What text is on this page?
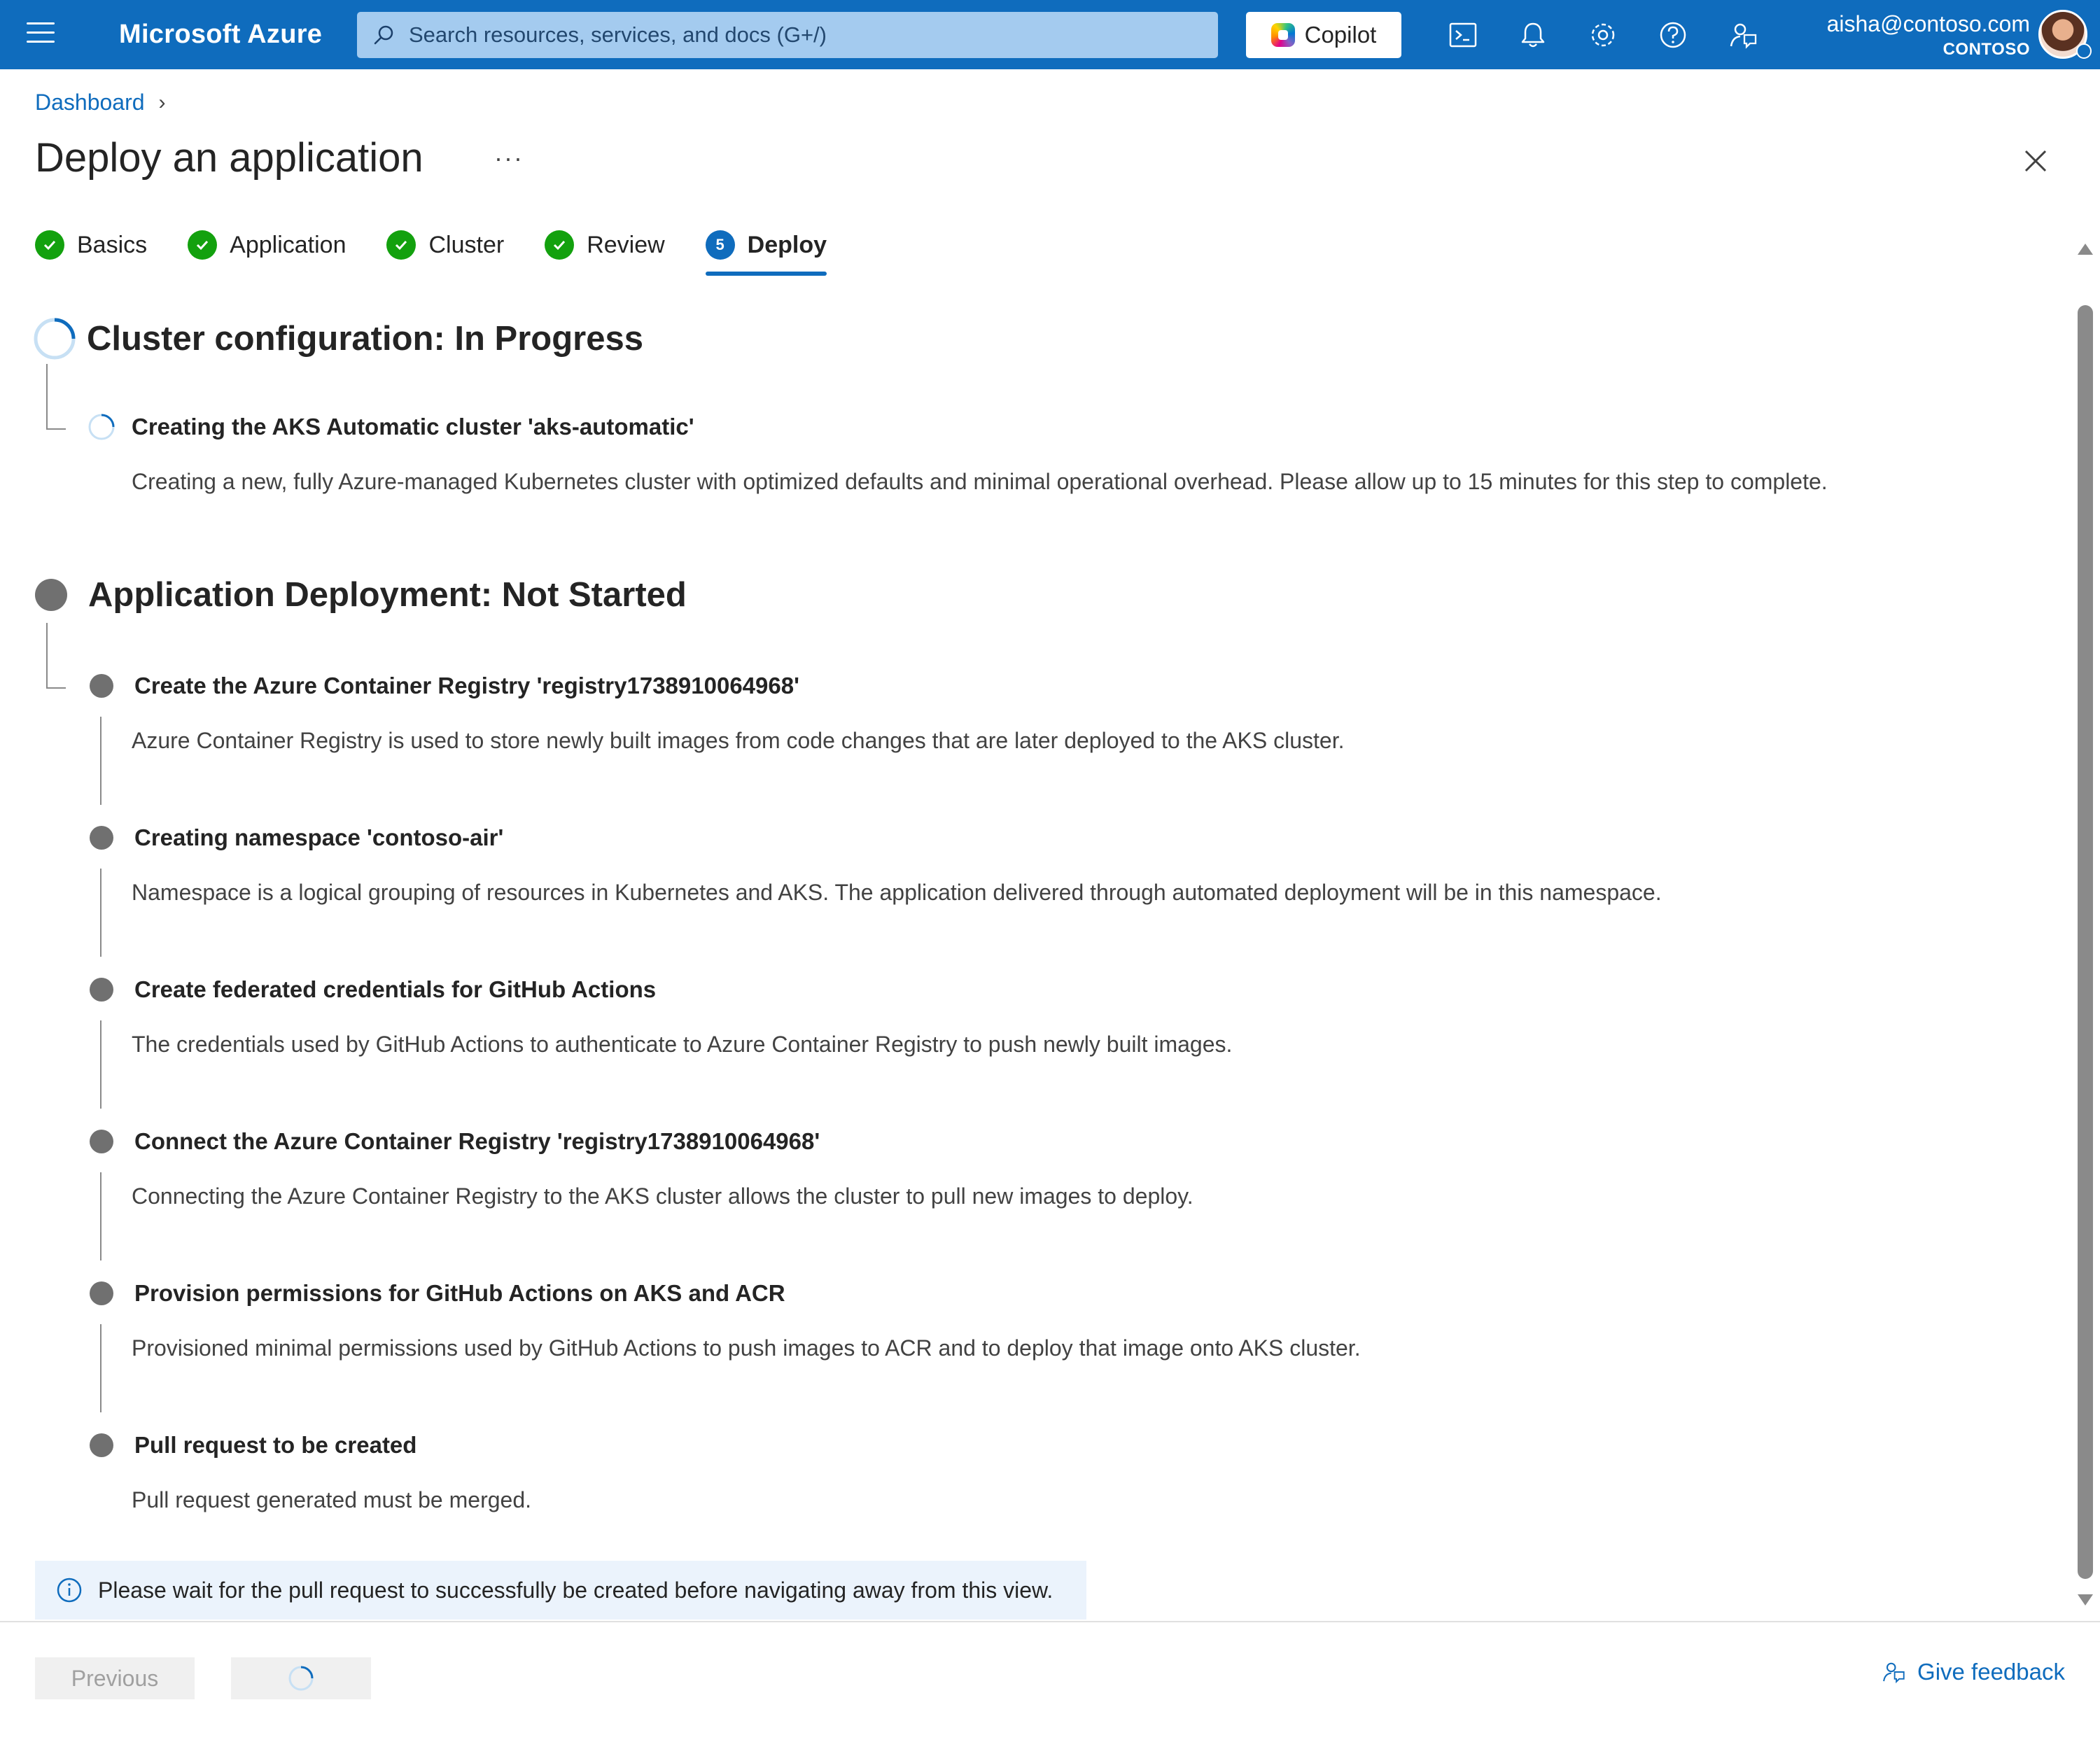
Microsoft Azure
Search resources, services, and docs (G+/)	Copilot	aisha@contoso.com
CONTOSO
Dashboard ›
Deploy an application	···
Basics	Application	Cluster	Review	5 Deploy
Cluster configuration: In Progress
Creating the AKS Automatic cluster 'aks-automatic'
Creating a new, fully Azure-managed Kubernetes cluster with optimized defaults and minimal operational overhead. Please allow up to 15 minutes for this step to complete.
Application Deployment: Not Started
Create the Azure Container Registry 'registry1738910064968'
Azure Container Registry is used to store newly built images from code changes that are later deployed to the AKS cluster.
Creating namespace 'contoso-air'
Namespace is a logical grouping of resources in Kubernetes and AKS. The application delivered through automated deployment will be in this namespace.
Create federated credentials for GitHub Actions
The credentials used by GitHub Actions to authenticate to Azure Container Registry to push newly built images.
Connect the Azure Container Registry 'registry1738910064968'
Connecting the Azure Container Registry to the AKS cluster allows the cluster to pull new images to deploy.
Provision permissions for GitHub Actions on AKS and ACR
Provisioned minimal permissions used by GitHub Actions to push images to ACR and to deploy that image onto AKS cluster.
Pull request to be created
Pull request generated must be merged.
Please wait for the pull request to successfully be created before navigating away from this view.
Previous	Give feedback
